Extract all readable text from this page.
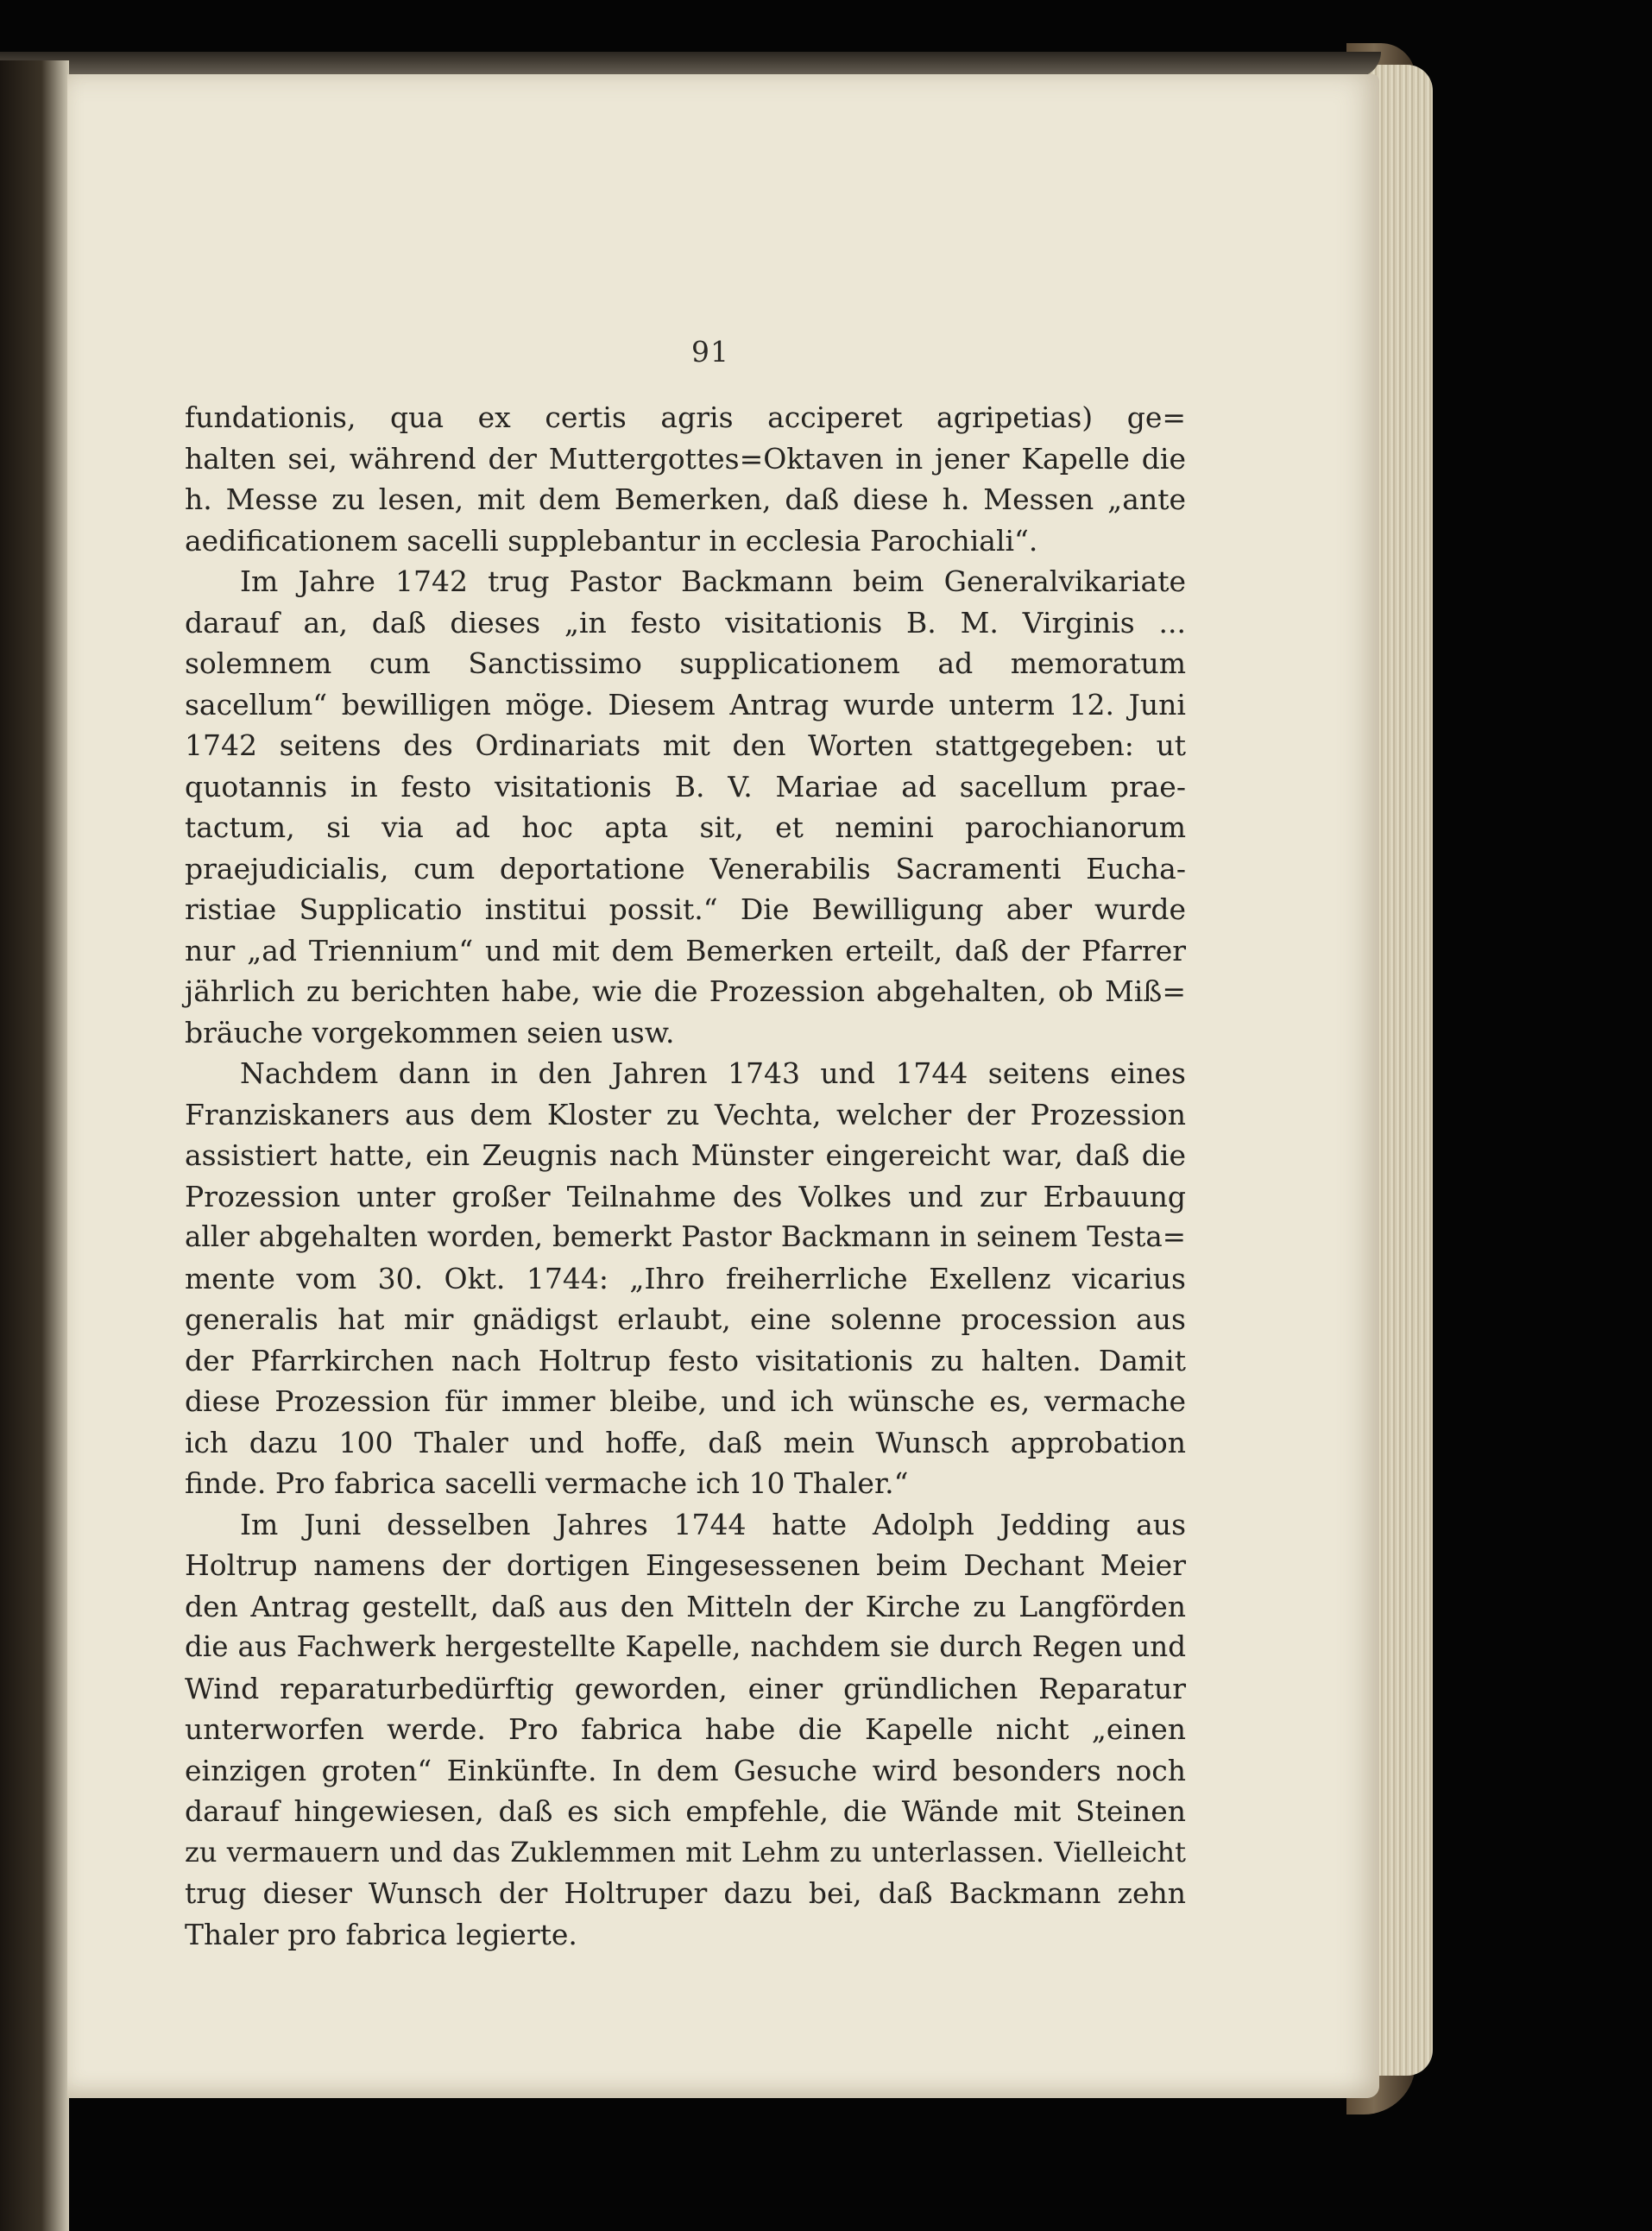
91
fundationis, qua ex certis agris acciperet agripetias) ge=
halten sei, während der Muttergottes=Oktaven in jener Kapelle die
h. Messe zu lesen, mit dem Bemerken, daß diese h. Messen „ante
aedificationem sacelli supplebantur in ecclesia Parochiali“.
Im Jahre 1742 trug Pastor Backmann beim Generalvikariate
darauf an, daß dieses „in festo visitationis B. M. Virginis ...
solemnem cum Sanctissimo supplicationem ad memoratum
sacellum“ bewilligen möge. Diesem Antrag wurde unterm 12. Juni
1742 seitens des Ordinariats mit den Worten stattgegeben: ut
quotannis in festo visitationis B. V. Mariae ad sacellum prae-
tactum, si via ad hoc apta sit, et nemini parochianorum
praejudicialis, cum deportatione Venerabilis Sacramenti Eucha-
ristiae Supplicatio institui possit.“ Die Bewilligung aber wurde
nur „ad Triennium“ und mit dem Bemerken erteilt, daß der Pfarrer
jährlich zu berichten habe, wie die Prozession abgehalten, ob Miß=
bräuche vorgekommen seien usw.
Nachdem dann in den Jahren 1743 und 1744 seitens eines
Franziskaners aus dem Kloster zu Vechta, welcher der Prozession
assistiert hatte, ein Zeugnis nach Münster eingereicht war, daß die
Prozession unter großer Teilnahme des Volkes und zur Erbauung
aller abgehalten worden, bemerkt Pastor Backmann in seinem Testa=
mente vom 30. Okt. 1744: „Ihro freiherrliche Exellenz vicarius
generalis hat mir gnädigst erlaubt, eine solenne procession aus
der Pfarrkirchen nach Holtrup festo visitationis zu halten. Damit
diese Prozession für immer bleibe, und ich wünsche es, vermache
ich dazu 100 Thaler und hoffe, daß mein Wunsch approbation
finde. Pro fabrica sacelli vermache ich 10 Thaler.“
Im Juni desselben Jahres 1744 hatte Adolph Jedding aus
Holtrup namens der dortigen Eingesessenen beim Dechant Meier
den Antrag gestellt, daß aus den Mitteln der Kirche zu Langförden
die aus Fachwerk hergestellte Kapelle, nachdem sie durch Regen und
Wind reparaturbedürftig geworden, einer gründlichen Reparatur
unterworfen werde. Pro fabrica habe die Kapelle nicht „einen
einzigen groten“ Einkünfte. In dem Gesuche wird besonders noch
darauf hingewiesen, daß es sich empfehle, die Wände mit Steinen
zu vermauern und das Zuklemmen mit Lehm zu unterlassen. Vielleicht
trug dieser Wunsch der Holtruper dazu bei, daß Backmann zehn
Thaler pro fabrica legierte.
